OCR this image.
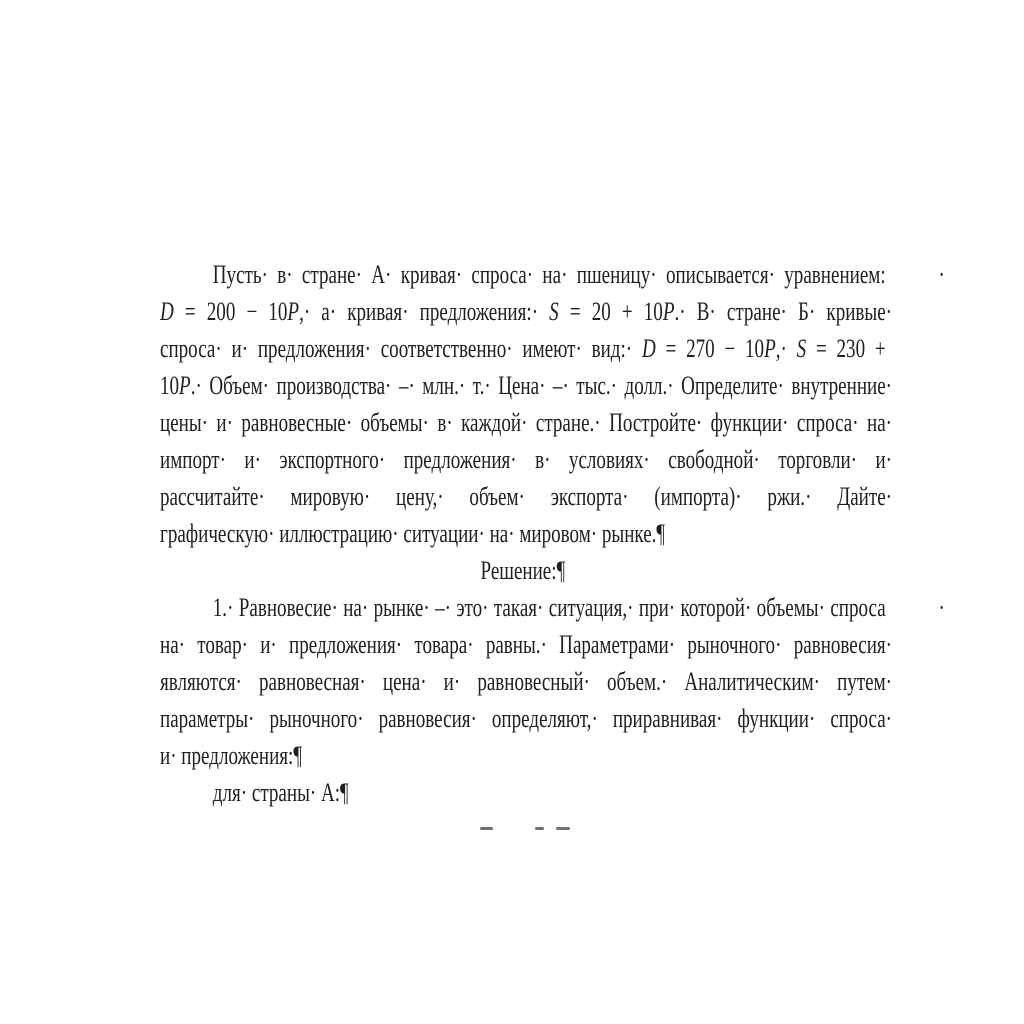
Пусть· в· стране· А· кривая· спроса· на· пшеницу· описывается· уравнением: ·
D = 200 − 10P,· а· кривая· предложения:· S = 20 + 10P.· В· стране· Б· кривые·
спроса· и· предложения· соответственно· имеют· вид:· D = 270 − 10P,· S = 230 +
10P.· Объем· производства· –· млн.· т.· Цена· –· тыс.· долл.· Определите· внутренние·
цены· и· равновесные· объемы· в· каждой· стране.· Постройте· функции· спроса· на·
импорт· и· экспортного· предложения· в· условиях· свободной· торговли· и·
рассчитайте· мировую· цену,· объем· экспорта· (импорта)· ржи.· Дайте·
графическую· иллюстрацию· ситуации· на· мировом· рынке.¶
Решение:¶
1.· Равновесие· на· рынке· –· это· такая· ситуация,· при· которой· объемы· спроса ·
на· товар· и· предложения· товара· равны.· Параметрами· рыночного· равновесия·
являются· равновесная· цена· и· равновесный· объем.· Аналитическим· путем·
параметры· рыночного· равновесия· определяют,· приравнивая· функции· спроса·
и· предложения:¶
для· страны· А:¶
